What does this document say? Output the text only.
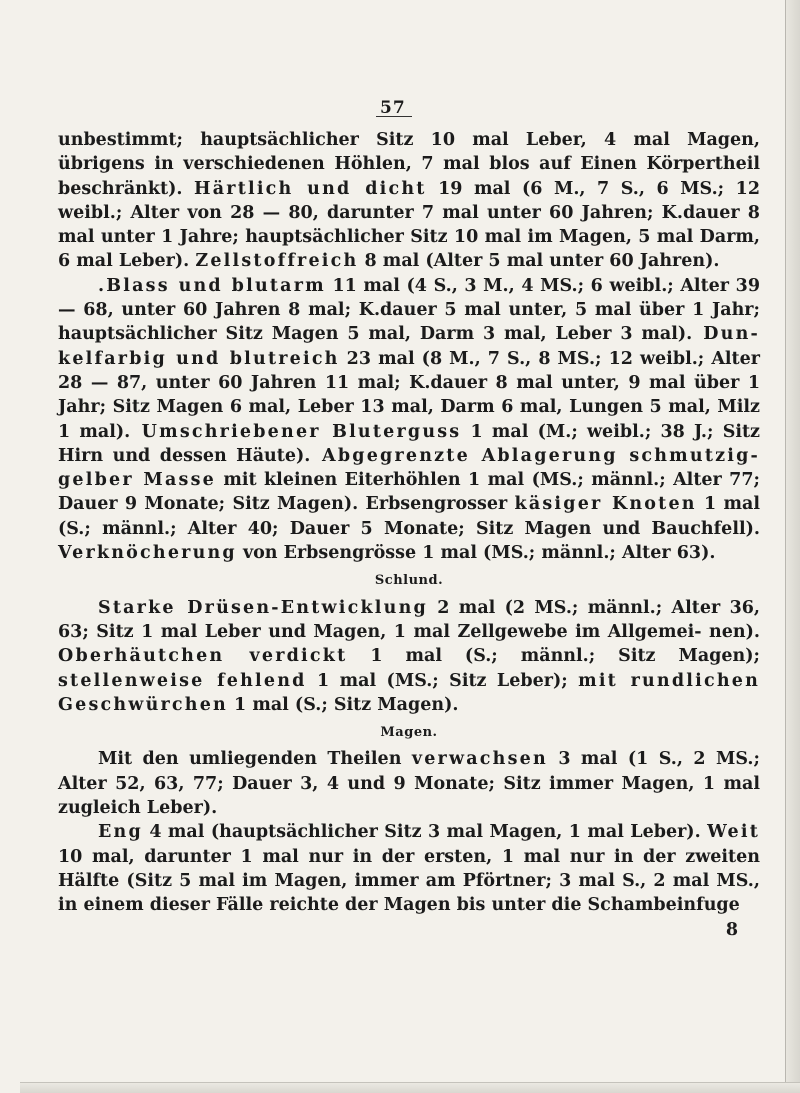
57

unbestimmt; hauptsächlicher Sitz 10 mal Leber, 4 mal Magen, übrigens in verschiedenen Höhlen, 7 mal blos auf Einen Körpertheil beschränkt). Härtlich und dicht 19 mal (6 M., 7 S., 6 MS.; 12 weibl.; Alter von 28 — 80, darunter 7 mal unter 60 Jahren; K.dauer 8 mal unter 1 Jahre; hauptsächlicher Sitz 10 mal im Magen, 5 mal Darm, 6 mal Leber). Zellstoffreich 8 mal (Alter 5 mal unter 60 Jahren).

.Blass und blutarm 11 mal (4 S., 3 M., 4 MS.; 6 weibl.; Alter 39 — 68, unter 60 Jahren 8 mal; K.dauer 5 mal unter, 5 mal über 1 Jahr; hauptsächlicher Sitz Magen 5 mal, Darm 3 mal, Leber 3 mal). Dun- kelfarbig und blutreich 23 mal (8 M., 7 S., 8 MS.; 12 weibl.; Alter 28 — 87, unter 60 Jahren 11 mal; K.dauer 8 mal unter, 9 mal über 1 Jahr; Sitz Magen 6 mal, Leber 13 mal, Darm 6 mal, Lungen 5 mal, Milz 1 mal). Umschriebener Bluterguss 1 mal (M.; weibl.; 38 J.; Sitz Hirn und dessen Häute). Abgegrenzte Ablagerung schmutzig- gelber Masse mit kleinen Eiterhöhlen 1 mal (MS.; männl.; Alter 77; Dauer 9 Monate; Sitz Magen). Erbsengrosser käsiger Knoten 1 mal (S.; männl.; Alter 40; Dauer 5 Monate; Sitz Magen und Bauchfell). Verknöcherung von Erbsengrösse 1 mal (MS.; männl.; Alter 63).

Schlund.

Starke Drüsen-Entwicklung 2 mal (2 MS.; männl.; Alter 36, 63; Sitz 1 mal Leber und Magen, 1 mal Zellgewebe im Allgemei- nen). Oberhäutchen verdickt 1 mal (S.; männl.; Sitz Magen); stellenweise fehlend 1 mal (MS.; Sitz Leber); mit rundlichen Geschwürchen 1 mal (S.; Sitz Magen).

Magen.

Mit den umliegenden Theilen verwachsen 3 mal (1 S., 2 MS.; Alter 52, 63, 77; Dauer 3, 4 und 9 Monate; Sitz immer Magen, 1 mal zugleich Leber).

Eng 4 mal (hauptsächlicher Sitz 3 mal Magen, 1 mal Leber). Weit 10 mal, darunter 1 mal nur in der ersten, 1 mal nur in der zweiten Hälfte (Sitz 5 mal im Magen, immer am Pförtner; 3 mal S., 2 mal MS., in einem dieser Fälle reichte der Magen bis unter die Schambeinfuge

8
